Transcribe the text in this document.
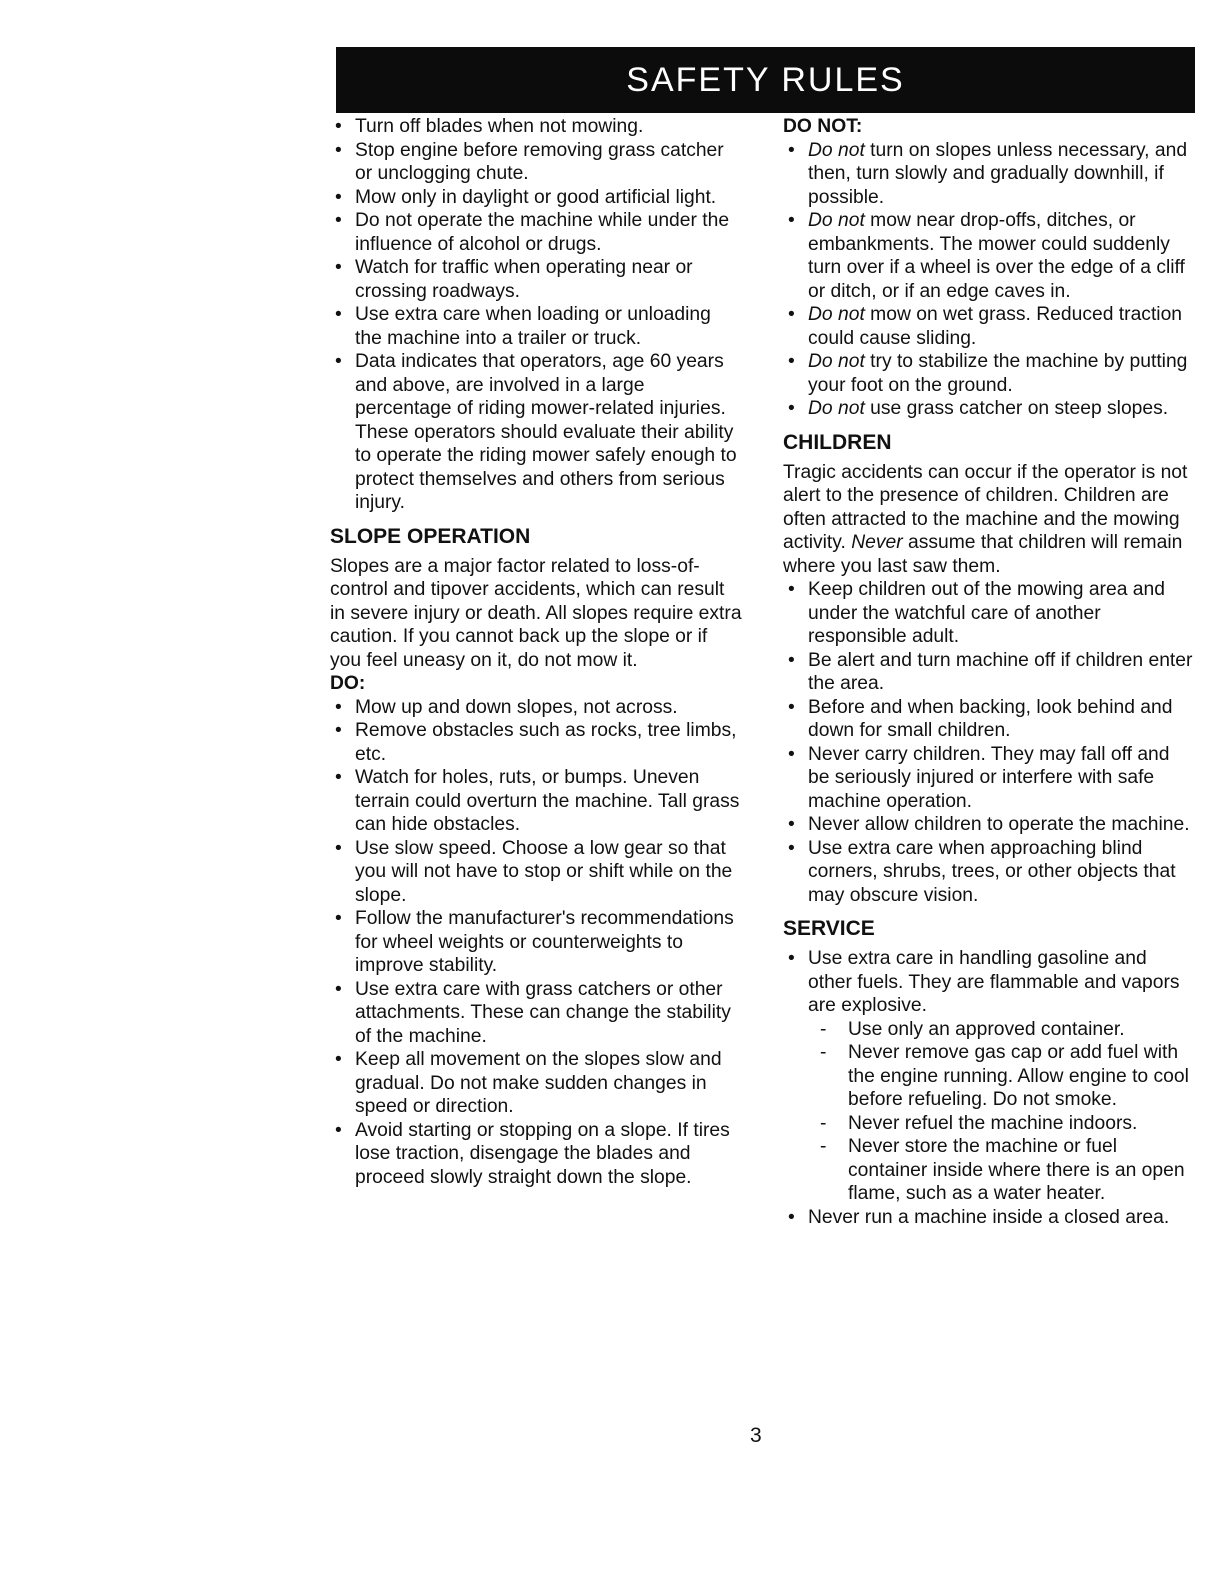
SAFETY RULES
• Turn off blades when not mowing.
• Stop engine before removing grass catcher or unclogging chute.
• Mow only in daylight or good artificial light.
• Do not operate the machine while under the influence of alcohol or drugs.
• Watch for traffic when operating near or crossing roadways.
• Use extra care when loading or unloading the machine into a trailer or truck.
• Data indicates that operators, age 60 years and above, are involved in a large percentage of riding mower-related injuries. These operators should evaluate their ability to operate the riding mower safely enough to protect themselves and others from serious injury.
SLOPE OPERATION

Slopes are a major factor related to loss-of-control and tipover accidents, which can result in severe injury or death. All slopes require extra caution. If you cannot back up the slope or if you feel uneasy on it, do not mow it.

DO:
• Mow up and down slopes, not across.
• Remove obstacles such as rocks, tree limbs, etc.
• Watch for holes, ruts, or bumps. Uneven terrain could overturn the machine. Tall grass can hide obstacles.
• Use slow speed. Choose a low gear so that you will not have to stop or shift while on the slope.
• Follow the manufacturer's recommendations for wheel weights or counterweights to improve stability.
• Use extra care with grass catchers or other attachments. These can change the stability of the machine.
• Keep all movement on the slopes slow and gradual. Do not make sudden changes in speed or direction.
• Avoid starting or stopping on a slope. If tires lose traction, disengage the blades and proceed slowly straight down the slope.
DO NOT:
• Do not turn on slopes unless necessary, and then, turn slowly and gradually downhill, if possible.
• Do not mow near drop-offs, ditches, or embankments. The mower could suddenly turn over if a wheel is over the edge of a cliff or ditch, or if an edge caves in.
• Do not mow on wet grass. Reduced traction could cause sliding.
• Do not try to stabilize the machine by putting your foot on the ground.
• Do not use grass catcher on steep slopes.
CHILDREN

Tragic accidents can occur if the operator is not alert to the presence of children. Children are often attracted to the machine and the mowing activity. Never assume that children will remain where you last saw them.

• Keep children out of the mowing area and under the watchful care of another responsible adult.
• Be alert and turn machine off if children enter the area.
• Before and when backing, look behind and down for small children.
• Never carry children. They may fall off and be seriously injured or interfere with safe machine operation.
• Never allow children to operate the machine.
• Use extra care when approaching blind corners, shrubs, trees, or other objects that may obscure vision.
SERVICE
• Use extra care in handling gasoline and other fuels. They are flammable and vapors are explosive.
- Use only an approved container.
- Never remove gas cap or add fuel with the engine running. Allow engine to cool before refueling. Do not smoke.
- Never refuel the machine indoors.
- Never store the machine or fuel container inside where there is an open flame, such as a water heater.
• Never run a machine inside a closed area.
3
